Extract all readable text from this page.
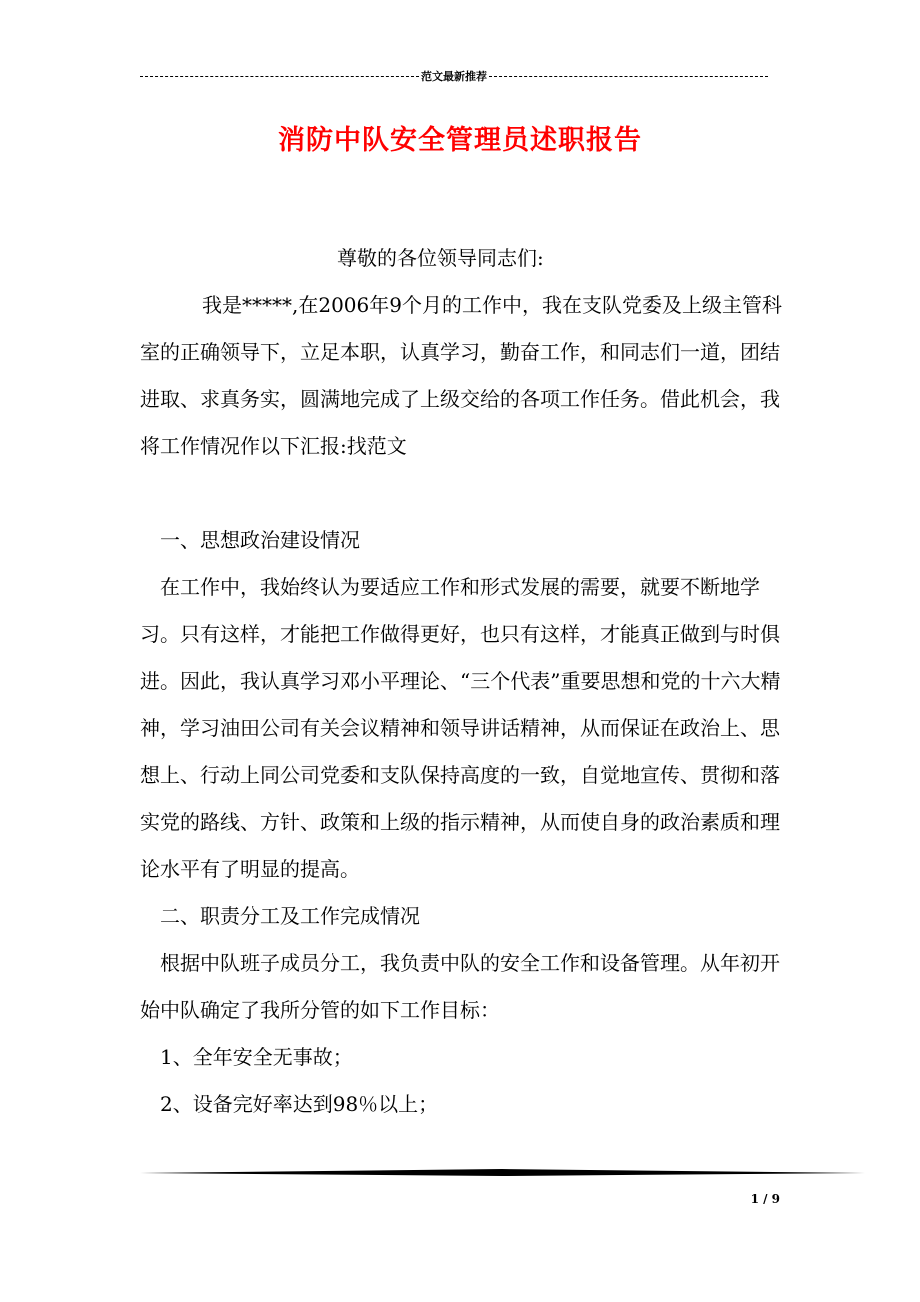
范文最新推荐
消防中队安全管理员述职报告

尊敬的各位领导同志们:

我是*****,在2006年9个月的工作中，我在支队党委及上级主管科室的正确领导下，立足本职，认真学习，勤奋工作，和同志们一道，团结进取、求真务实，圆满地完成了上级交给的各项工作任务。借此机会，我将工作情况作以下汇报:找范文

一、思想政治建设情况

在工作中，我始终认为要适应工作和形式发展的需要，就要不断地学习。只有这样，才能把工作做得更好，也只有这样，才能真正做到与时俱进。因此，我认真学习邓小平理论、“三个代表”重要思想和党的十六大精神，学习油田公司有关会议精神和领导讲话精神，从而保证在政治上、思想上、行动上同公司党委和支队保持高度的一致，自觉地宣传、贯彻和落实党的路线、方针、政策和上级的指示精神，从而使自身的政治素质和理论水平有了明显的提高。

二、职责分工及工作完成情况

根据中队班子成员分工，我负责中队的安全工作和设备管理。从年初开始中队确定了我所分管的如下工作目标：

1、全年安全无事故；

2、设备完好率达到98％以上；

1 / 9
